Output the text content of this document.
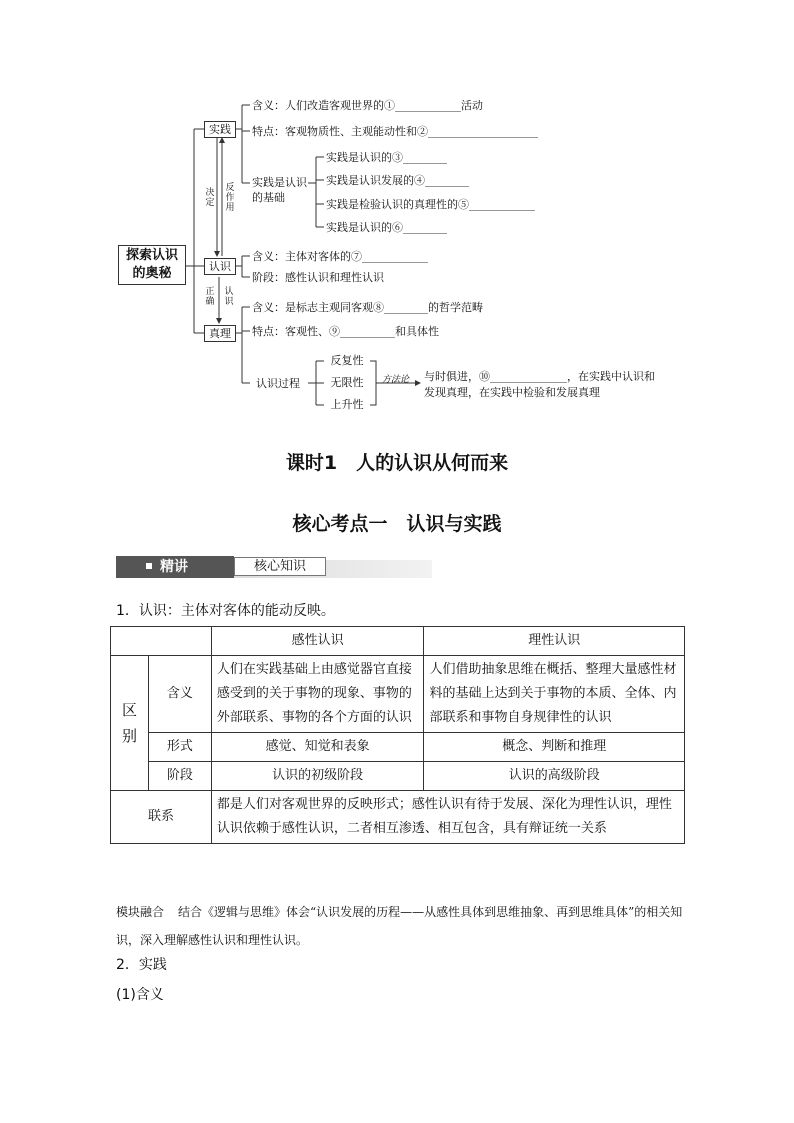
探索认识的奥秘
实践
认识
真理
决定
反作用
正确
认识
含义：人们改造客观世界的①____________活动
特点：客观物质性、主观能动性和②____________________
实践是认识的基础
实践是认识的③________
实践是认识发展的④________
实践是检验认识的真理性的⑤____________
实践是认识的⑥________
含义：主体对客体的⑦____________
阶段：感性认识和理性认识
含义：是标志主观同客观⑧________的哲学范畴
特点：客观性、⑨__________和具体性
认识过程
反复性
无限性
上升性
方法论 与时俱进，⑩______________，在实践中认识和
发现真理，在实践中检验和发展真理
课时1　人的认识从何而来
核心考点一　认识与实践
精讲	核心知识
1．认识：主体对客体的能动反映。
		感性认识	理性认识
区别	含义	人们在实践基础上由感觉器官直接感受到的关于事物的现象、事物的外部联系、事物的各个方面的认识	人们借助抽象思维在概括、整理大量感性材料的基础上达到关于事物的本质、全体、内部联系和事物自身规律性的认识
	形式	感觉、知觉和表象	概念、判断和推理
	阶段	认识的初级阶段	认识的高级阶段
联系		都是人们对客观世界的反映形式；感性认识有待于发展、深化为理性认识，理性认识依赖于感性认识，二者相互渗透、相互包含，具有辩证统一关系	
模块融合 结合《逻辑与思维》体会“认识发展的历程——从感性具体到思维抽象、再到思维具体”的相关知识，深入理解感性认识和理性认识。
2．实践
(1)含义
